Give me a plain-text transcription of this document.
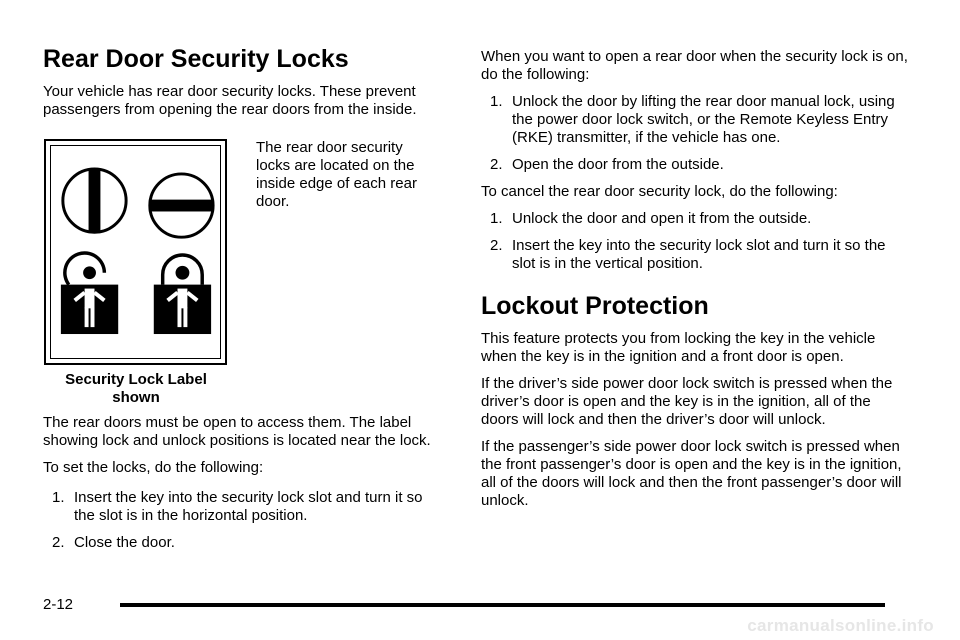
Rear Door Security Locks

Your vehicle has rear door security locks. These prevent passengers from opening the rear doors from the inside.

Security Lock Label
shown

The rear door security locks are located on the inside edge of each rear door.

The rear doors must be open to access them. The label showing lock and unlock positions is located near the lock.

To set the locks, do the following:

1. Insert the key into the security lock slot and turn it so the slot is in the horizontal position.
2. Close the door.

When you want to open a rear door when the security lock is on, do the following:

1. Unlock the door by lifting the rear door manual lock, using the power door lock switch, or the Remote Keyless Entry (RKE) transmitter, if the vehicle has one.
2. Open the door from the outside.

To cancel the rear door security lock, do the following:

1. Unlock the door and open it from the outside.
2. Insert the key into the security lock slot and turn it so the slot is in the vertical position.
Lockout Protection

This feature protects you from locking the key in the vehicle when the key is in the ignition and a front door is open.

If the driver’s side power door lock switch is pressed when the driver’s door is open and the key is in the ignition, all of the doors will lock and then the driver’s door will unlock.

If the passenger’s side power door lock switch is pressed when the front passenger’s door is open and the key is in the ignition, all of the doors will lock and then the front passenger’s door will unlock.

2-12
carmanualsonline.info
